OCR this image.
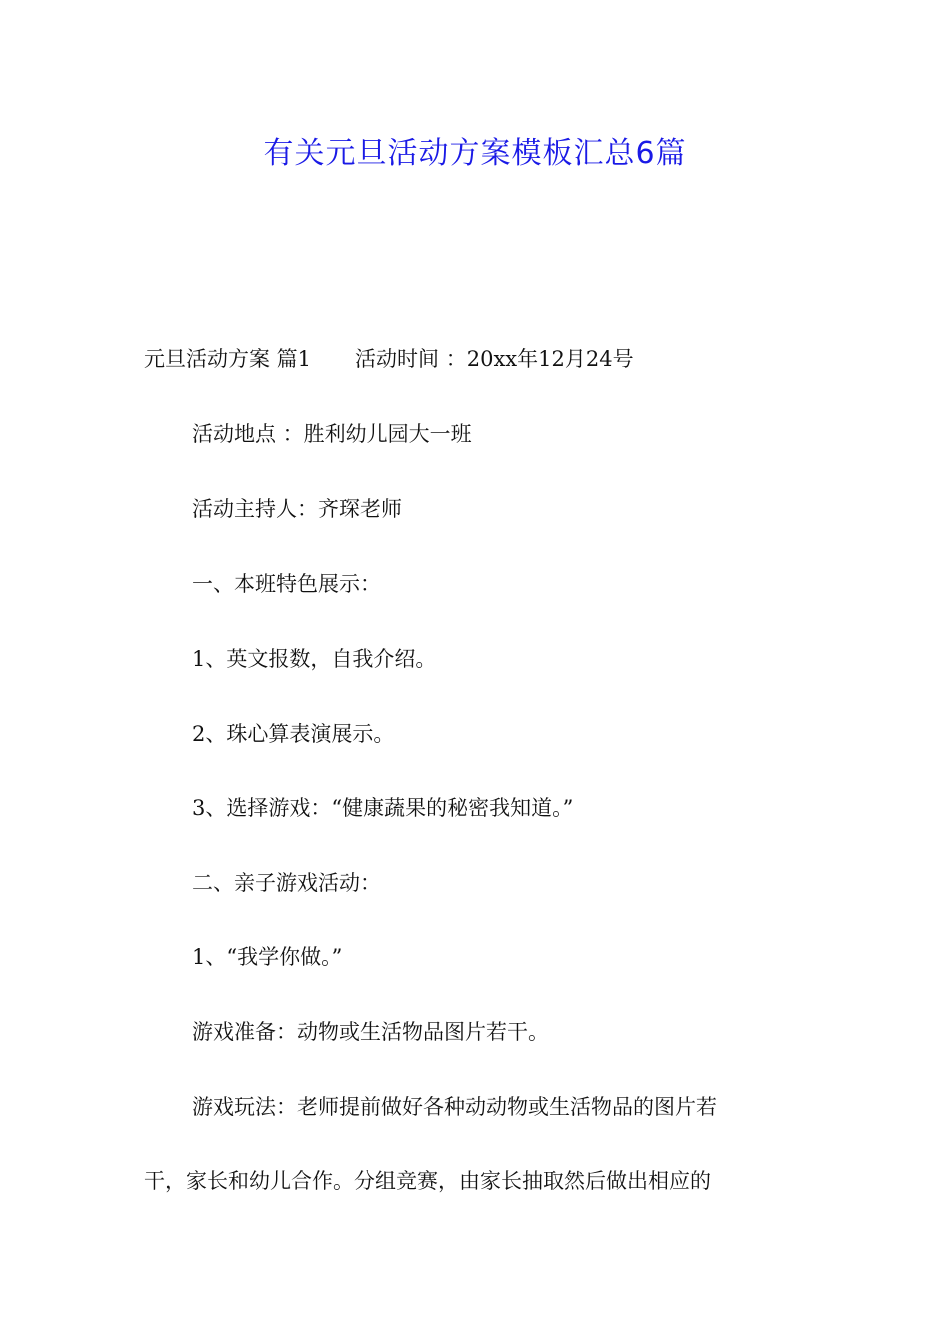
有关元旦活动方案模板汇总6篇
元旦活动方案 篇1 活动时间 ：20xx年12月24号
活动地点 ：胜利幼儿园大一班
活动主持人：齐琛老师
一、本班特色展示：
1、英文报数，自我介绍。
2、珠心算表演展示。
3、选择游戏：“健康蔬果的秘密我知道。”
二、亲子游戏活动：
1、“我学你做。”
游戏准备：动物或生活物品图片若干。
游戏玩法：老师提前做好各种动动物或生活物品的图片若
干，家长和幼儿合作。分组竞赛，由家长抽取然后做出相应的
